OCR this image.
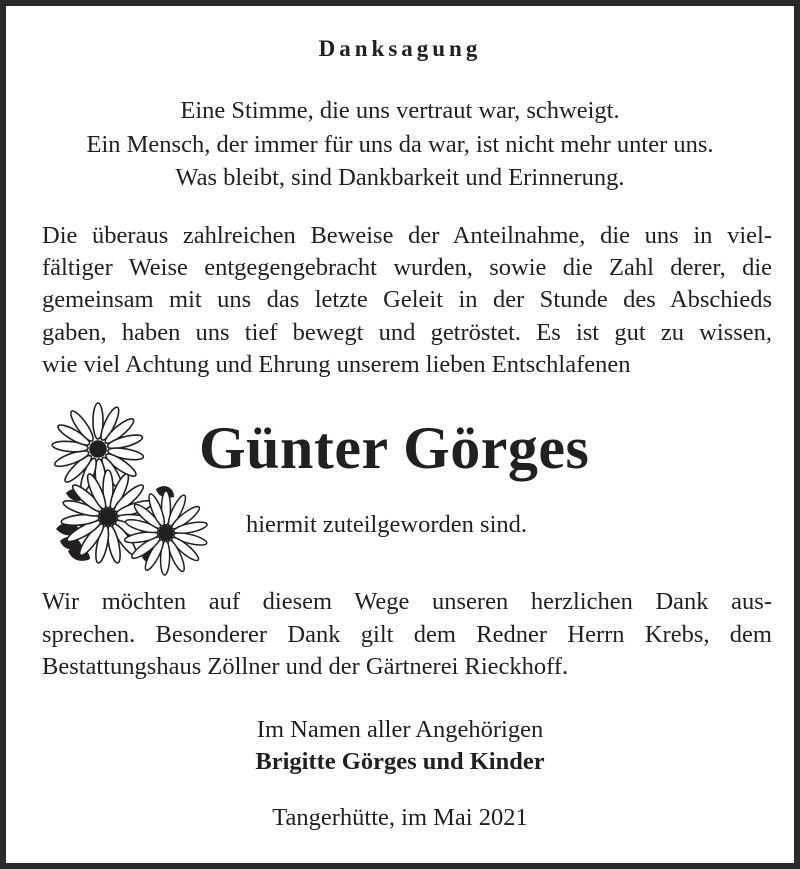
Danksagung
Eine Stimme, die uns vertraut war, schweigt.
Ein Mensch, der immer für uns da war, ist nicht mehr unter uns.
Was bleibt, sind Dankbarkeit und Erinnerung.
Die überaus zahlreichen Beweise der Anteilnahme, die uns in viel-
fältiger Weise entgegengebracht wurden, sowie die Zahl derer, die
gemeinsam mit uns das letzte Geleit in der Stunde des Abschieds
gaben, haben uns tief bewegt und getröstet. Es ist gut zu wissen,
wie viel Achtung und Ehrung unserem lieben Entschlafenen
Günter Görges
hiermit zuteilgeworden sind.
Wir möchten auf diesem Wege unseren herzlichen Dank aus-
sprechen. Besonderer Dank gilt dem Redner Herrn Krebs, dem
Bestattungshaus Zöllner und der Gärtnerei Rieckhoff.
Im Namen aller Angehörigen
Brigitte Görges und Kinder
Tangerhütte, im Mai 2021
